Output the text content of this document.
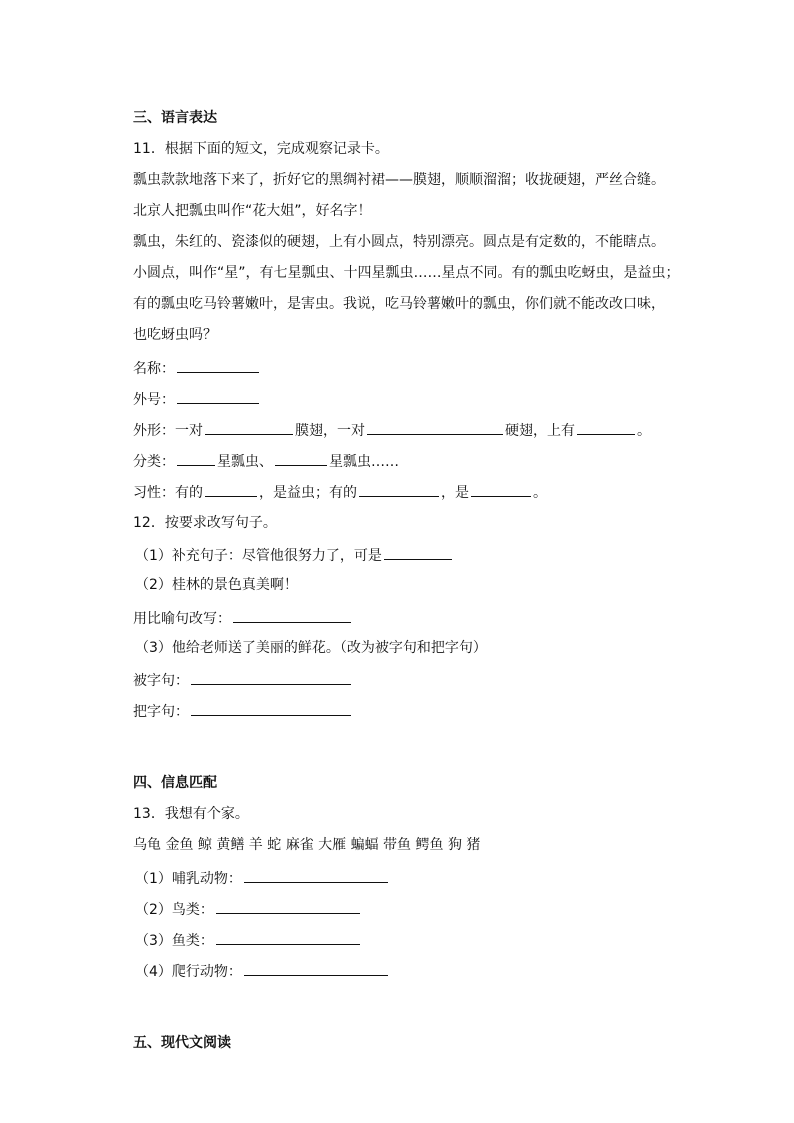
三、语言表达
11．根据下面的短文，完成观察记录卡。
瓢虫款款地落下来了，折好它的黑绸衬裙——膜翅，顺顺溜溜；收拢硬翅，严丝合缝。
北京人把瓢虫叫作“花大姐”，好名字！
瓢虫，朱红的、瓷漆似的硬翅，上有小圆点，特别漂亮。圆点是有定数的，不能瞎点。
小圆点，叫作“星”，有七星瓢虫、十四星瓢虫……星点不同。有的瓢虫吃蚜虫，是益虫；
有的瓢虫吃马铃薯嫩叶，是害虫。我说，吃马铃薯嫩叶的瓢虫，你们就不能改改口味，
也吃蚜虫吗？
名称：
外号：
外形：一对	膜翅，一对	硬翅，上有	。
分类：	星瓢虫、	星瓢虫……
习性：有的	，是益虫；有的	，是	。
12．按要求改写句子。
（1）补充句子：尽管他很努力了，可是
（2）桂林的景色真美啊！
用比喻句改写：
（3）他给老师送了美丽的鲜花。（改为被字句和把字句）
被字句：
把字句：
四、信息匹配
13．我想有个家。
乌龟 金鱼 鲸 黄鳝 羊 蛇 麻雀 大雁 蝙蝠 带鱼 鳄鱼 狗 猪
（1）哺乳动物：
（2）鸟类：
（3）鱼类：
（4）爬行动物：
五、现代文阅读
